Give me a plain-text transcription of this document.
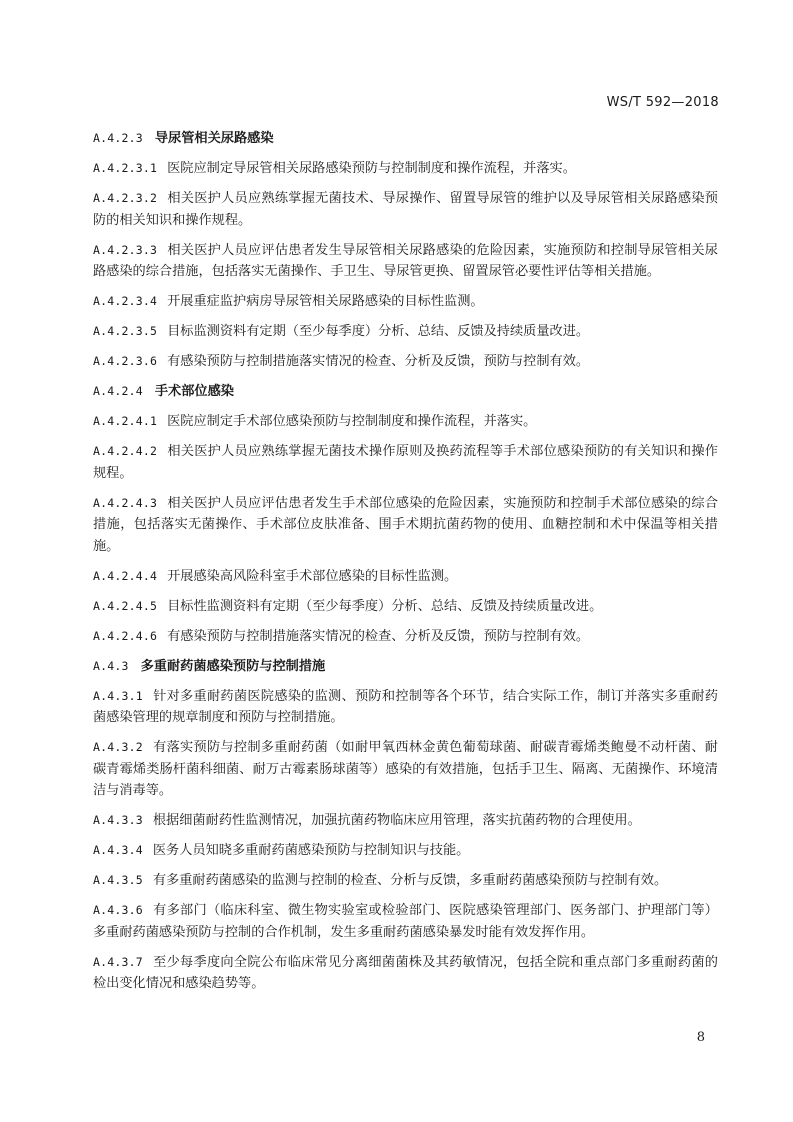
WS/T 592—2018
A.4.2.3 导尿管相关尿路感染

A.4.2.3.1 医院应制定导尿管相关尿路感染预防与控制制度和操作流程，并落实。

A.4.2.3.2 相关医护人员应熟练掌握无菌技术、导尿操作、留置导尿管的维护以及导尿管相关尿路感染预防的相关知识和操作规程。

A.4.2.3.3 相关医护人员应评估患者发生导尿管相关尿路感染的危险因素，实施预防和控制导尿管相关尿路感染的综合措施，包括落实无菌操作、手卫生、导尿管更换、留置尿管必要性评估等相关措施。

A.4.2.3.4 开展重症监护病房导尿管相关尿路感染的目标性监测。

A.4.2.3.5 目标监测资料有定期（至少每季度）分析、总结、反馈及持续质量改进。

A.4.2.3.6 有感染预防与控制措施落实情况的检查、分析及反馈，预防与控制有效。

A.4.2.4 手术部位感染

A.4.2.4.1 医院应制定手术部位感染预防与控制制度和操作流程，并落实。

A.4.2.4.2 相关医护人员应熟练掌握无菌技术操作原则及换药流程等手术部位感染预防的有关知识和操作规程。

A.4.2.4.3 相关医护人员应评估患者发生手术部位感染的危险因素，实施预防和控制手术部位感染的综合措施，包括落实无菌操作、手术部位皮肤准备、围手术期抗菌药物的使用、血糖控制和术中保温等相关措施。

A.4.2.4.4 开展感染高风险科室手术部位感染的目标性监测。

A.4.2.4.5 目标性监测资料有定期（至少每季度）分析、总结、反馈及持续质量改进。

A.4.2.4.6 有感染预防与控制措施落实情况的检查、分析及反馈，预防与控制有效。

A.4.3 多重耐药菌感染预防与控制措施

A.4.3.1 针对多重耐药菌医院感染的监测、预防和控制等各个环节，结合实际工作，制订并落实多重耐药菌感染管理的规章制度和预防与控制措施。

A.4.3.2 有落实预防与控制多重耐药菌（如耐甲氧西林金黄色葡萄球菌、耐碳青霉烯类鲍曼不动杆菌、耐碳青霉烯类肠杆菌科细菌、耐万古霉素肠球菌等）感染的有效措施，包括手卫生、隔离、无菌操作、环境清洁与消毒等。

A.4.3.3 根据细菌耐药性监测情况，加强抗菌药物临床应用管理，落实抗菌药物的合理使用。

A.4.3.4 医务人员知晓多重耐药菌感染预防与控制知识与技能。

A.4.3.5 有多重耐药菌感染的监测与控制的检查、分析与反馈，多重耐药菌感染预防与控制有效。

A.4.3.6 有多部门（临床科室、微生物实验室或检验部门、医院感染管理部门、医务部门、护理部门等）多重耐药菌感染预防与控制的合作机制，发生多重耐药菌感染暴发时能有效发挥作用。

A.4.3.7 至少每季度向全院公布临床常见分离细菌菌株及其药敏情况，包括全院和重点部门多重耐药菌的检出变化情况和感染趋势等。

8
